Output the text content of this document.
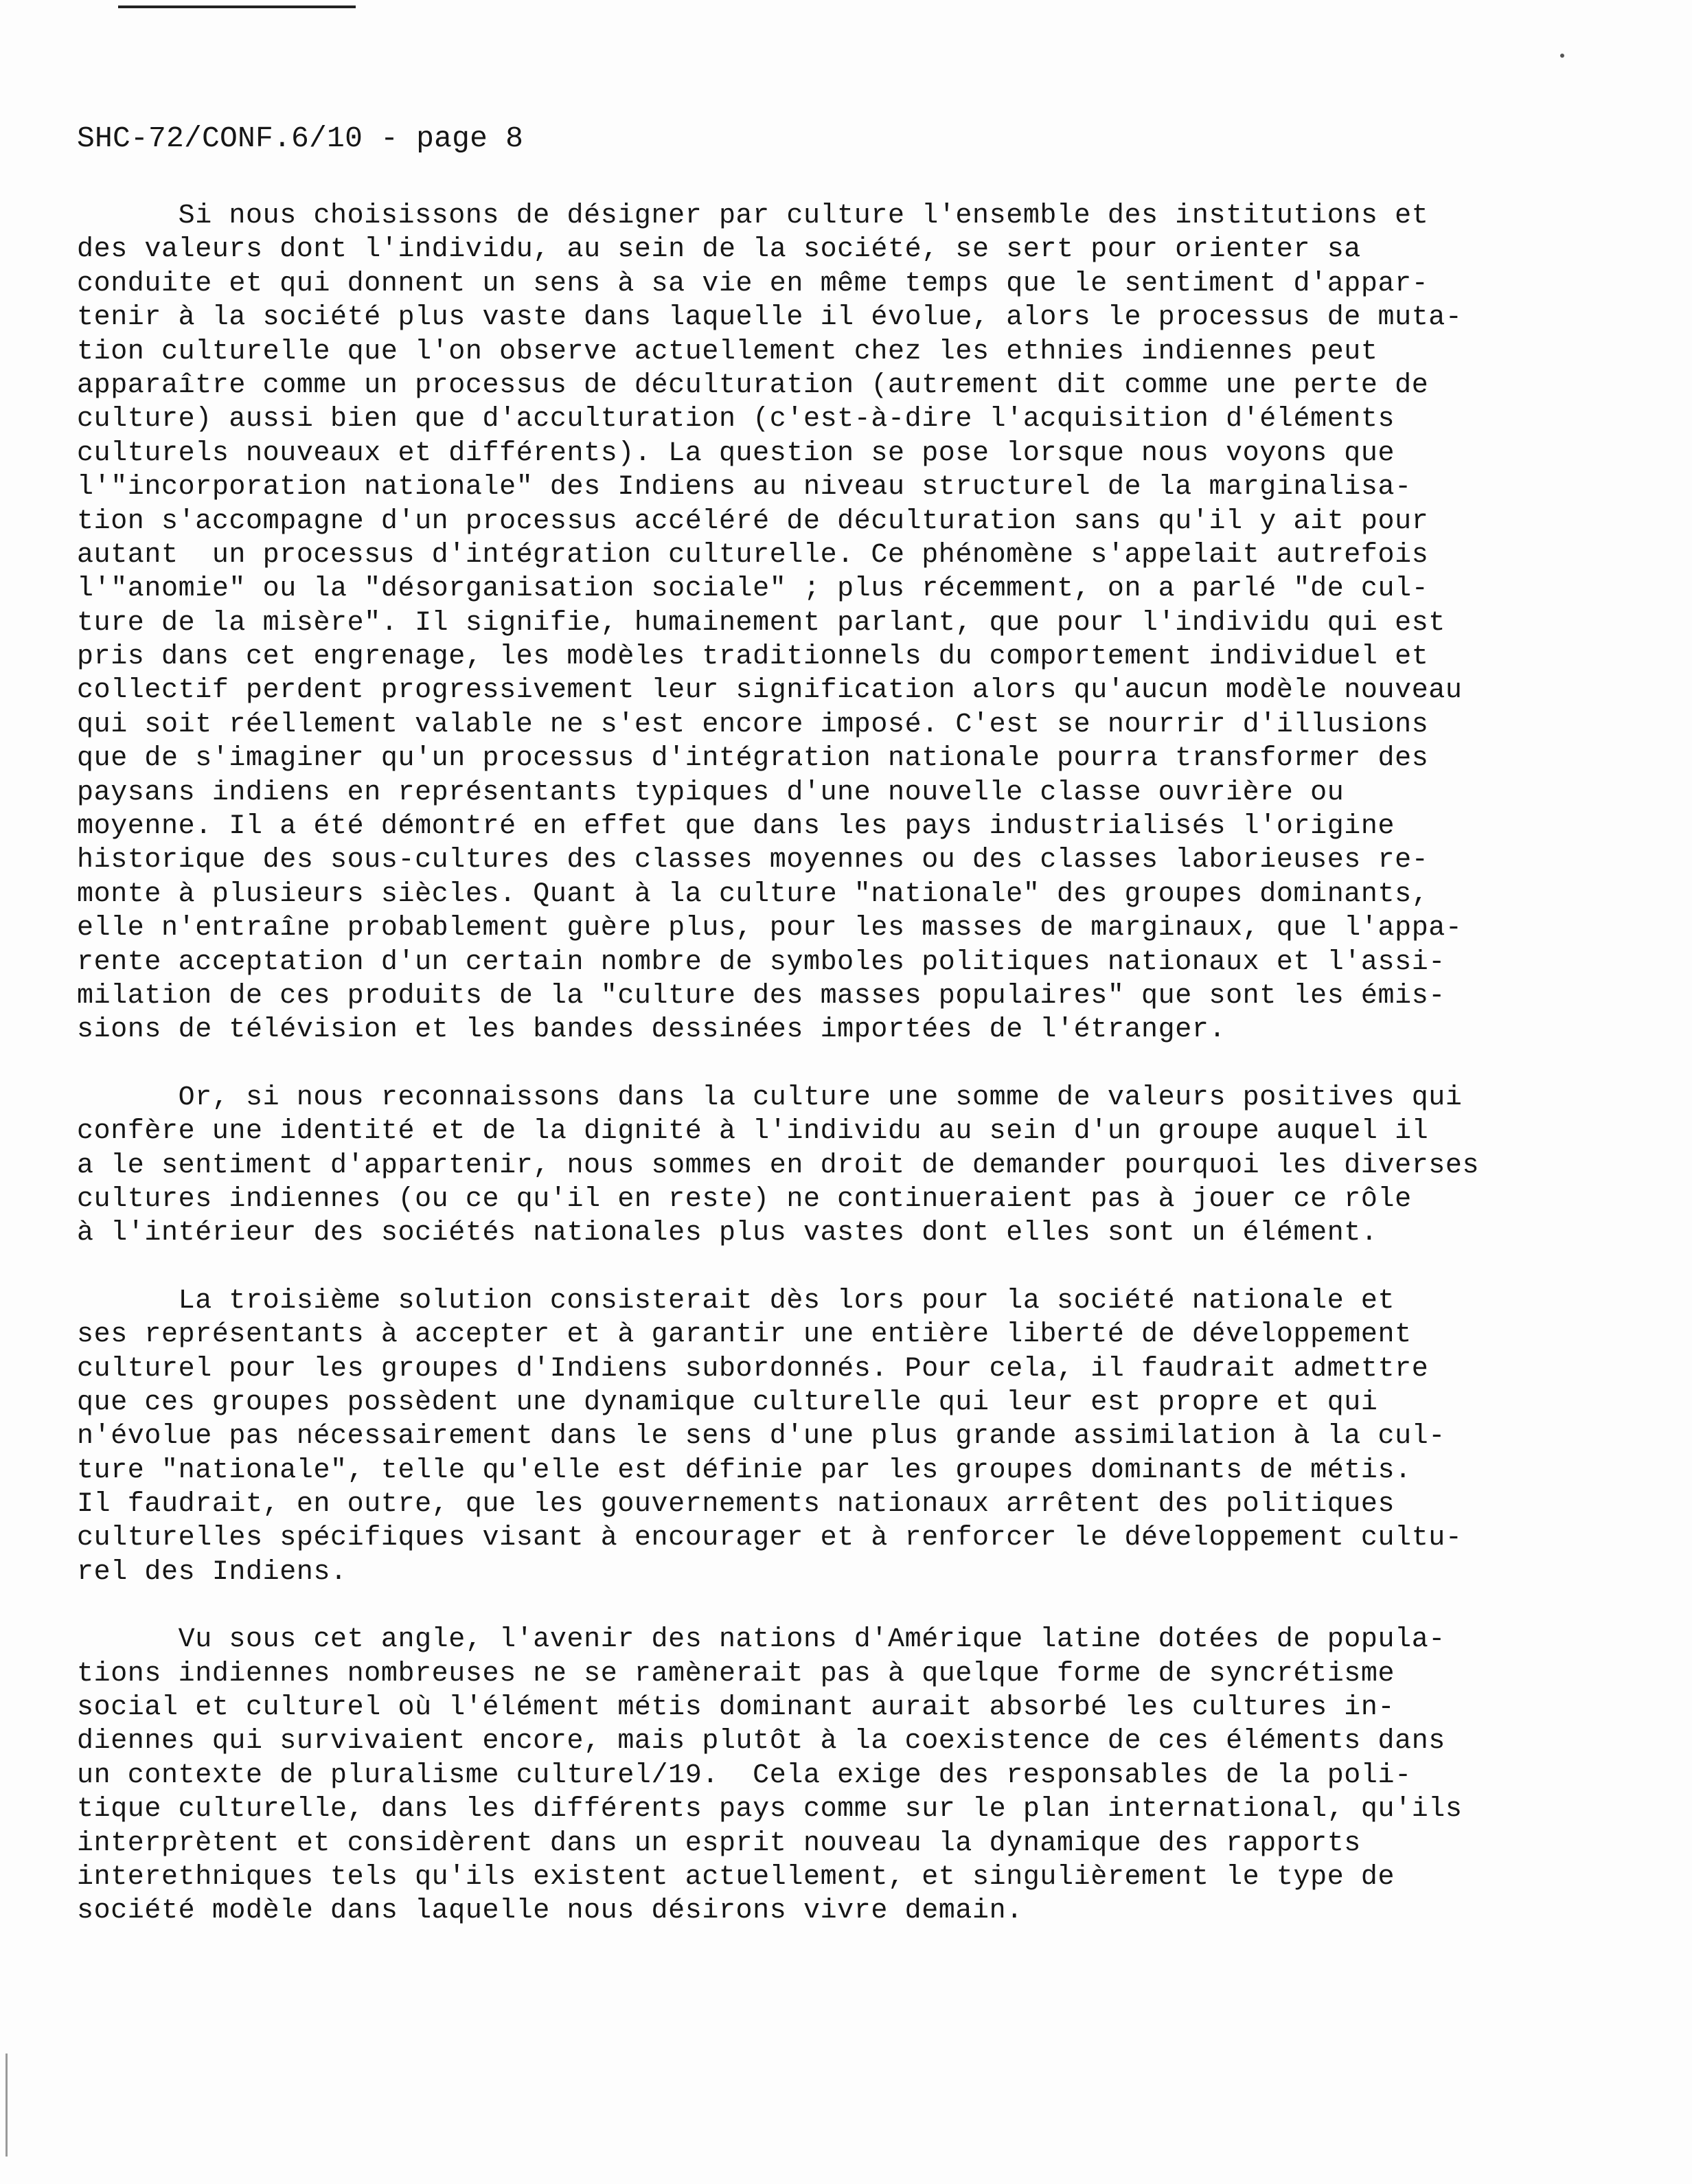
SHC-72/CONF.6/10 - page 8
Si nous choisissons de désigner par culture l'ensemble des institutions et
des valeurs dont l'individu, au sein de la société, se sert pour orienter sa
conduite et qui donnent un sens à sa vie en même temps que le sentiment d'appar-
tenir à la société plus vaste dans laquelle il évolue, alors le processus de muta-
tion culturelle que l'on observe actuellement chez les ethnies indiennes peut
apparaître comme un processus de déculturation (autrement dit comme une perte de
culture) aussi bien que d'acculturation (c'est-à-dire l'acquisition d'éléments
culturels nouveaux et différents). La question se pose lorsque nous voyons que
l'"incorporation nationale" des Indiens au niveau structurel de la marginalisa-
tion s'accompagne d'un processus accéléré de déculturation sans qu'il y ait pour
autant  un processus d'intégration culturelle. Ce phénomène s'appelait autrefois
l'"anomie" ou la "désorganisation sociale" ; plus récemment, on a parlé "de cul-
ture de la misère". Il signifie, humainement parlant, que pour l'individu qui est
pris dans cet engrenage, les modèles traditionnels du comportement individuel et
collectif perdent progressivement leur signification alors qu'aucun modèle nouveau
qui soit réellement valable ne s'est encore imposé. C'est se nourrir d'illusions
que de s'imaginer qu'un processus d'intégration nationale pourra transformer des
paysans indiens en représentants typiques d'une nouvelle classe ouvrière ou
moyenne. Il a été démontré en effet que dans les pays industrialisés l'origine
historique des sous-cultures des classes moyennes ou des classes laborieuses re-
monte à plusieurs siècles. Quant à la culture "nationale" des groupes dominants,
elle n'entraîne probablement guère plus, pour les masses de marginaux, que l'appa-
rente acceptation d'un certain nombre de symboles politiques nationaux et l'assi-
milation de ces produits de la "culture des masses populaires" que sont les émis-
sions de télévision et les bandes dessinées importées de l'étranger.
Or, si nous reconnaissons dans la culture une somme de valeurs positives qui
confère une identité et de la dignité à l'individu au sein d'un groupe auquel il
a le sentiment d'appartenir, nous sommes en droit de demander pourquoi les diverses
cultures indiennes (ou ce qu'il en reste) ne continueraient pas à jouer ce rôle
à l'intérieur des sociétés nationales plus vastes dont elles sont un élément.
La troisième solution consisterait dès lors pour la société nationale et
ses représentants à accepter et à garantir une entière liberté de développement
culturel pour les groupes d'Indiens subordonnés. Pour cela, il faudrait admettre
que ces groupes possèdent une dynamique culturelle qui leur est propre et qui
n'évolue pas nécessairement dans le sens d'une plus grande assimilation à la cul-
ture "nationale", telle qu'elle est définie par les groupes dominants de métis.
Il faudrait, en outre, que les gouvernements nationaux arrêtent des politiques
culturelles spécifiques visant à encourager et à renforcer le développement cultu-
rel des Indiens.
Vu sous cet angle, l'avenir des nations d'Amérique latine dotées de popula-
tions indiennes nombreuses ne se ramènerait pas à quelque forme de syncrétisme
social et culturel où l'élément métis dominant aurait absorbé les cultures in-
diennes qui survivaient encore, mais plutôt à la coexistence de ces éléments dans
un contexte de pluralisme culturel/19.  Cela exige des responsables de la poli-
tique culturelle, dans les différents pays comme sur le plan international, qu'ils
interprètent et considèrent dans un esprit nouveau la dynamique des rapports
interethniques tels qu'ils existent actuellement, et singulièrement le type de
société modèle dans laquelle nous désirons vivre demain.
